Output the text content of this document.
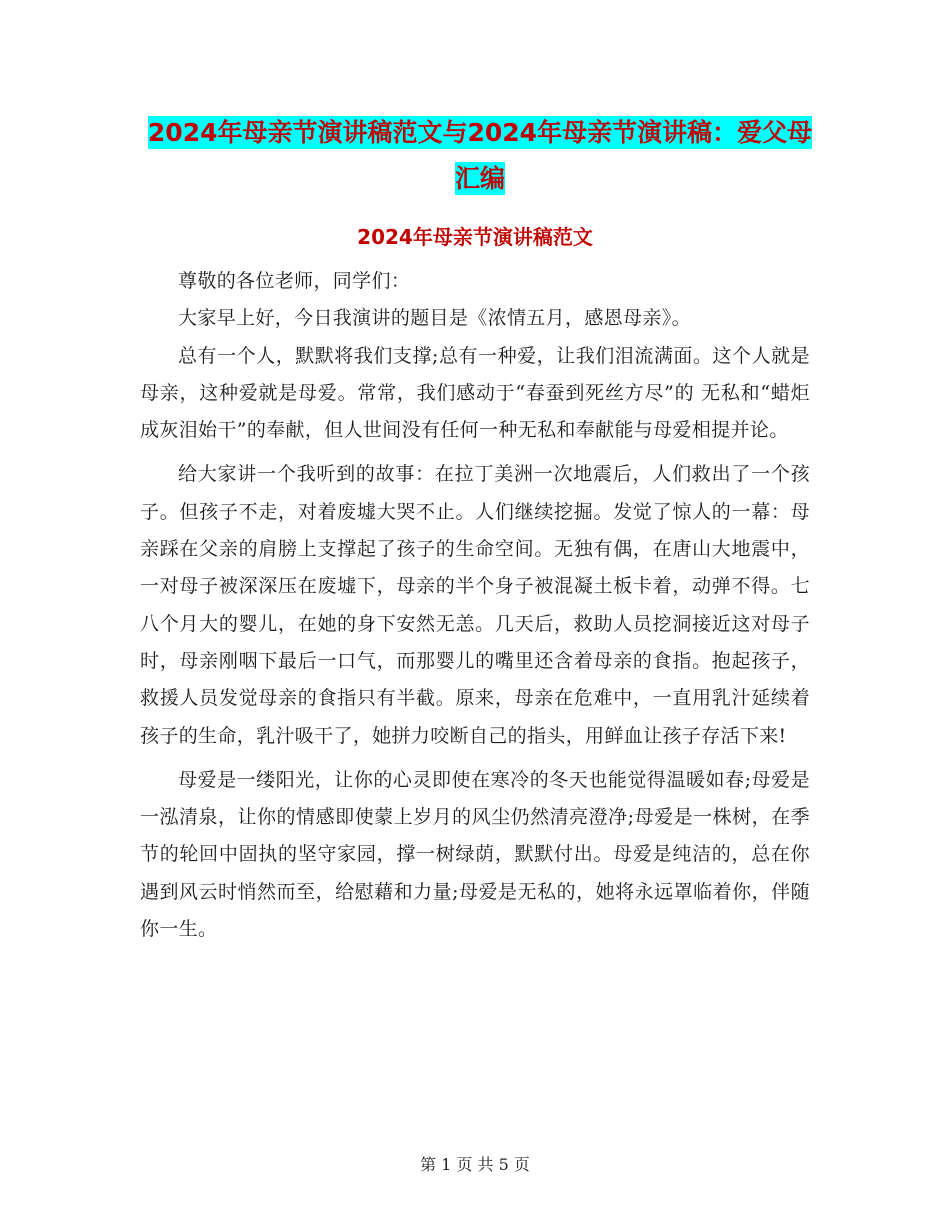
2024年母亲节演讲稿范文与2024年母亲节演讲稿：爱父母汇编
2024年母亲节演讲稿范文

尊敬的各位老师，同学们：

大家早上好，今日我演讲的题目是《浓情五月，感恩母亲》。

总有一个人，默默将我们支撑;总有一种爱，让我们泪流满面。这个人就是母亲，这种爱就是母爱。常常，我们感动于“春蚕到死丝方尽”的 无私和“蜡炬成灰泪始干”的奉献，但人世间没有任何一种无私和奉献能与母爱相提并论。

给大家讲一个我听到的故事：在拉丁美洲一次地震后，人们救出了一个孩子。但孩子不走，对着废墟大哭不止。人们继续挖掘。发觉了惊人的一幕：母亲踩在父亲的肩膀上支撑起了孩子的生命空间。无独有偶，在唐山大地震中，一对母子被深深压在废墟下，母亲的半个身子被混凝土板卡着，动弹不得。七八个月大的婴儿，在她的身下安然无恙。几天后，救助人员挖洞接近这对母子时，母亲刚咽下最后一口气，而那婴儿的嘴里还含着母亲的食指。抱起孩子，救援人员发觉母亲的食指只有半截。原来，母亲在危难中，一直用乳汁延续着孩子的生命，乳汁吸干了，她拼力咬断自己的指头，用鲜血让孩子存活下来!

母爱是一缕阳光，让你的心灵即使在寒冷的冬天也能觉得温暖如春;母爱是一泓清泉，让你的情感即使蒙上岁月的风尘仍然清亮澄净;母爱是一株树，在季节的轮回中固执的坚守家园，撑一树绿荫，默默付出。母爱是纯洁的，总在你遇到风云时悄然而至，给慰藉和力量;母爱是无私的，她将永远罩临着你，伴随你一生。

第 1 页 共 5 页
